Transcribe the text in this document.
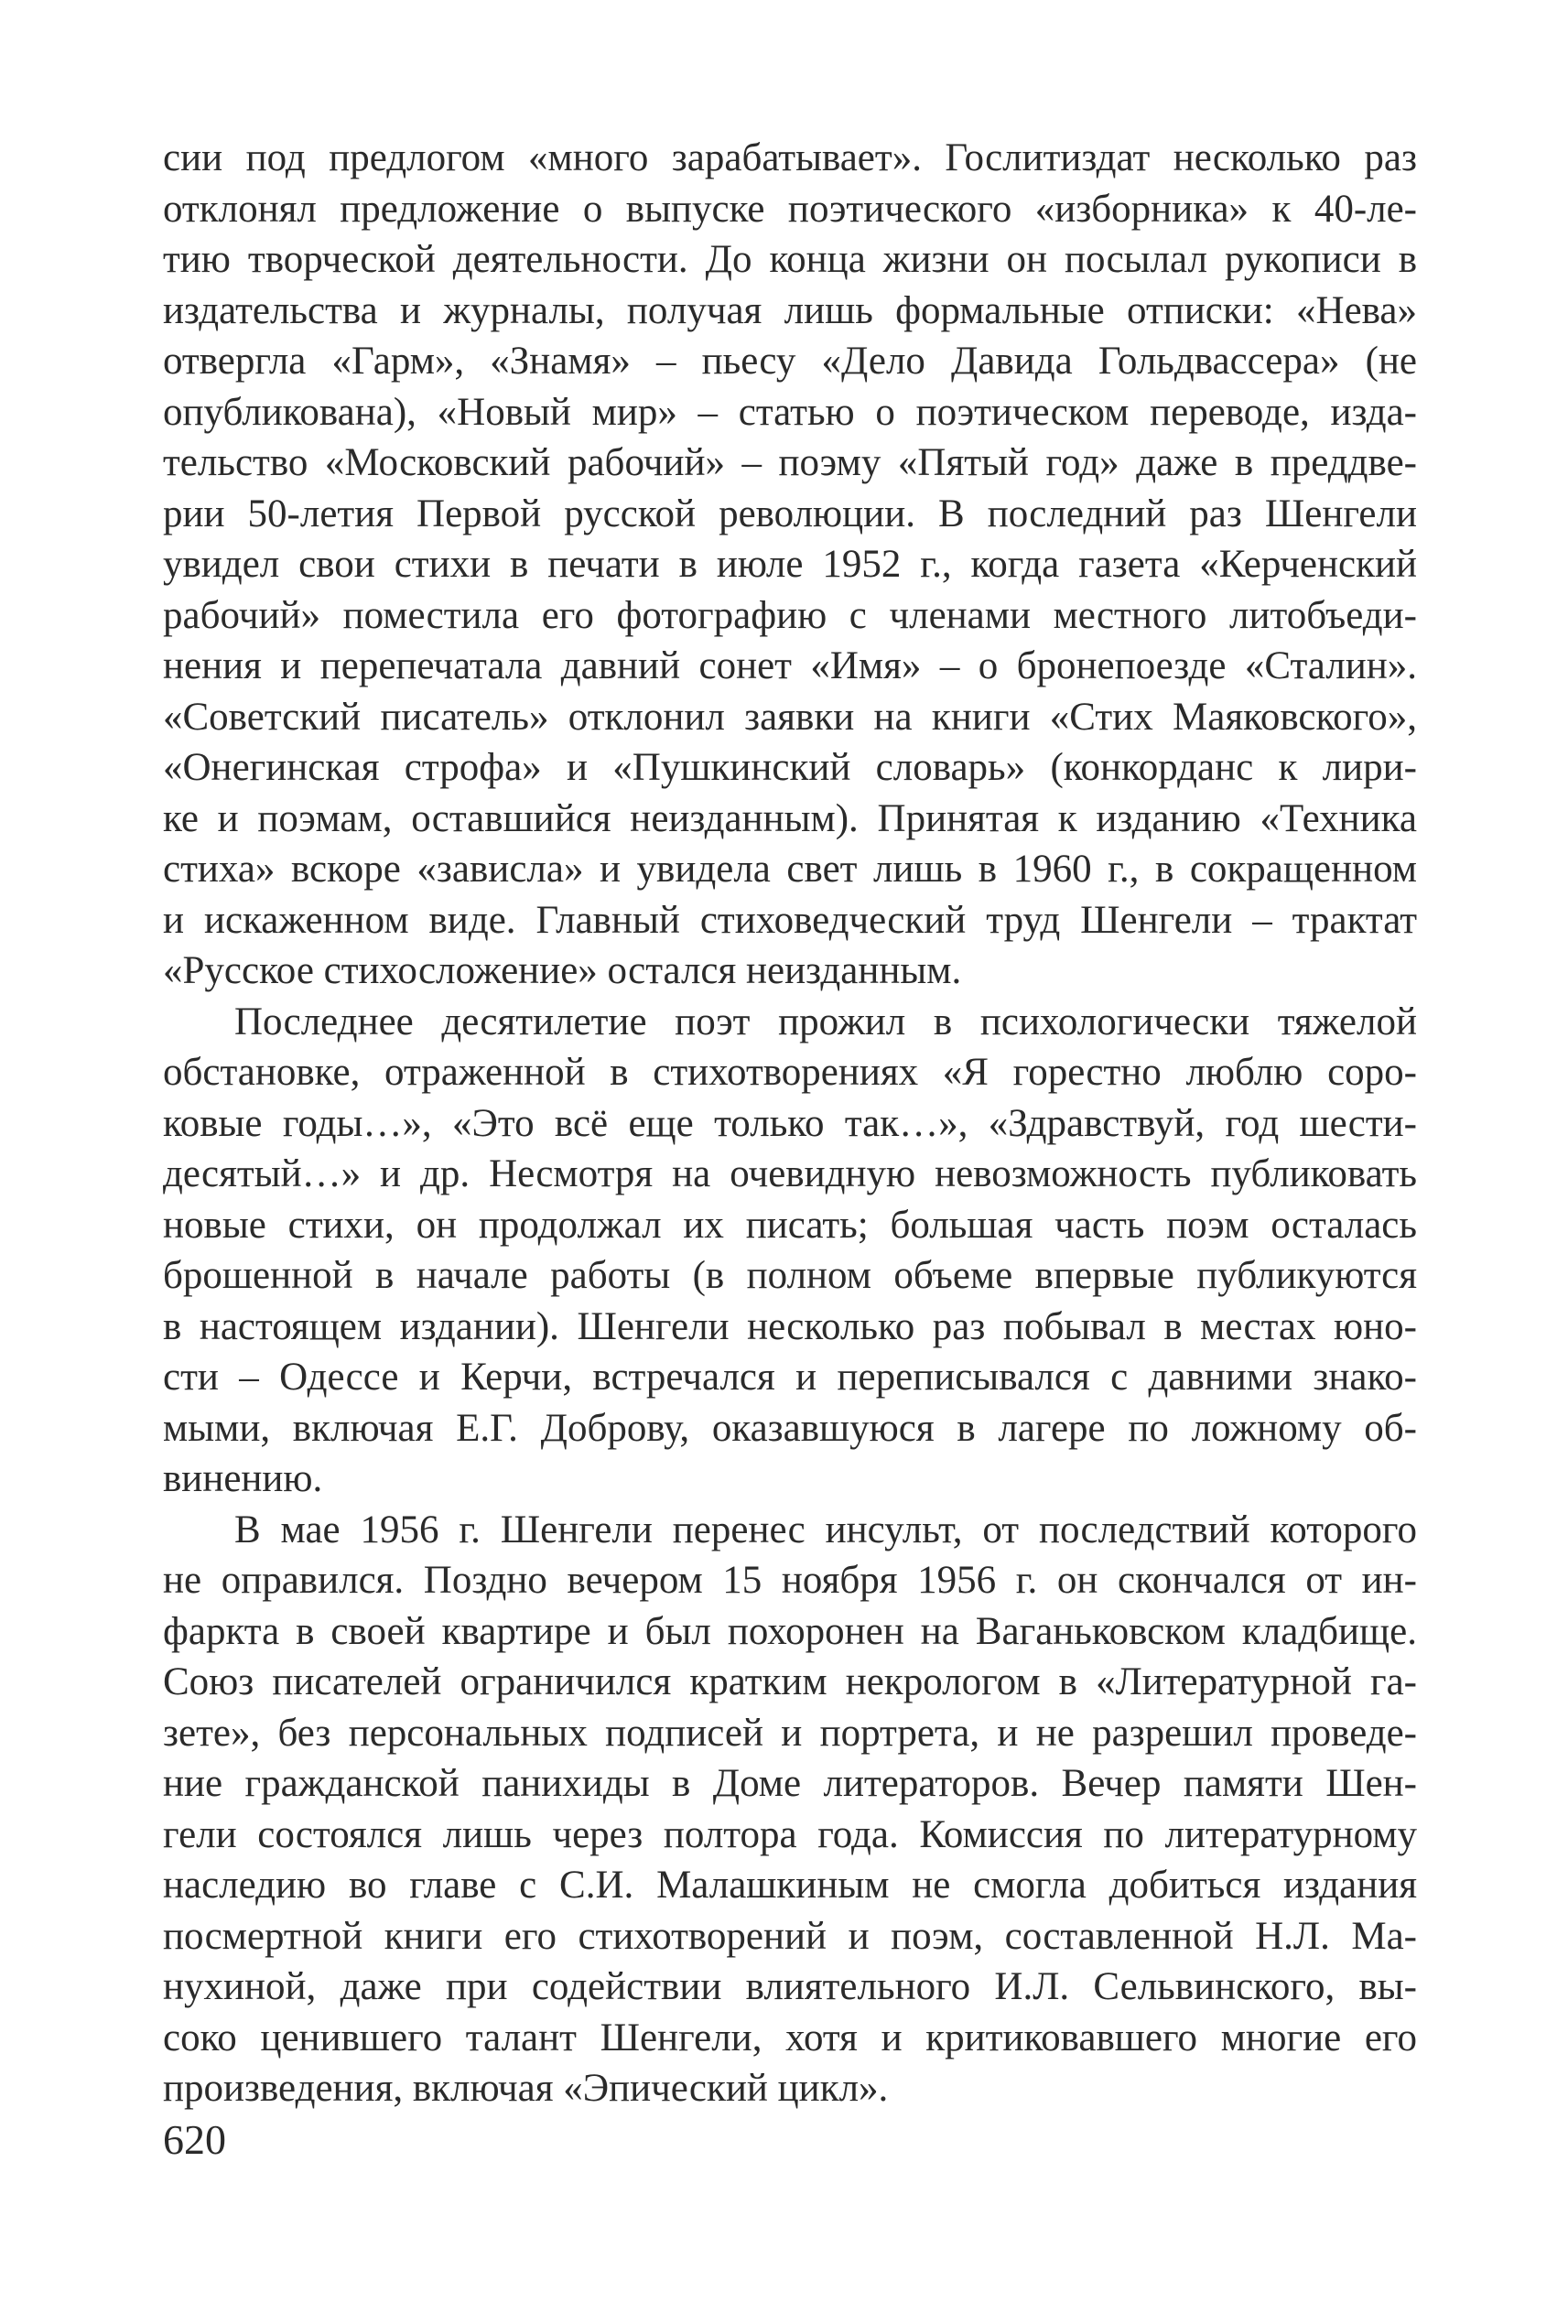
сии под предлогом «много зарабатывает». Гослитиздат несколько раз
отклонял предложение о выпуске поэтического «изборника» к 40-ле-
тию творческой деятельности. До конца жизни он посылал рукописи в
издательства и журналы, получая лишь формальные отписки: «Нева»
отвергла «Гарм», «Знамя» – пьесу «Дело Давида Гольдвассера» (не
опубликована), «Новый мир» – статью о поэтическом переводе, изда-
тельство «Московский рабочий» – поэму «Пятый год» даже в преддве-
рии 50-летия Первой русской революции. В последний раз Шенгели
увидел свои стихи в печати в июле 1952 г., когда газета «Керченский
рабочий» поместила его фотографию с членами местного литобъеди-
нения и перепечатала давний сонет «Имя» – о бронепоезде «Сталин».
«Советский писатель» отклонил заявки на книги «Стих Маяковского»,
«Онегинская строфа» и «Пушкинский словарь» (конкорданс к лири-
ке и поэмам, оставшийся неизданным). Принятая к изданию «Техника
стиха» вскоре «зависла» и увидела свет лишь в 1960 г., в сокращенном
и искаженном виде. Главный стиховедческий труд Шенгели – трактат
«Русское стихосложение» остался неизданным.
Последнее десятилетие поэт прожил в психологически тяжелой
обстановке, отраженной в стихотворениях «Я горестно люблю соро-
ковые годы…», «Это всё еще только так…», «Здравствуй, год шести-
десятый…» и др. Несмотря на очевидную невозможность публиковать
новые стихи, он продолжал их писать; большая часть поэм осталась
брошенной в начале работы (в полном объеме впервые публикуются
в настоящем издании). Шенгели несколько раз побывал в местах юно-
сти – Одессе и Керчи, встречался и переписывался с давними знако-
мыми, включая Е.Г. Доброву, оказавшуюся в лагере по ложному об-
винению.
В мае 1956 г. Шенгели перенес инсульт, от последствий которого
не оправился. Поздно вечером 15 ноября 1956 г. он скончался от ин-
фаркта в своей квартире и был похоронен на Ваганьковском кладбище.
Союз писателей ограничился кратким некрологом в «Литературной га-
зете», без персональных подписей и портрета, и не разрешил проведе-
ние гражданской панихиды в Доме литераторов. Вечер памяти Шен-
гели состоялся лишь через полтора года. Комиссия по литературному
наследию во главе с С.И. Малашкиным не смогла добиться издания
посмертной книги его стихотворений и поэм, составленной Н.Л. Ма-
нухиной, даже при содействии влиятельного И.Л. Сельвинского, вы-
соко ценившего талант Шенгели, хотя и критиковавшего многие его
произведения, включая «Эпический цикл».
620
